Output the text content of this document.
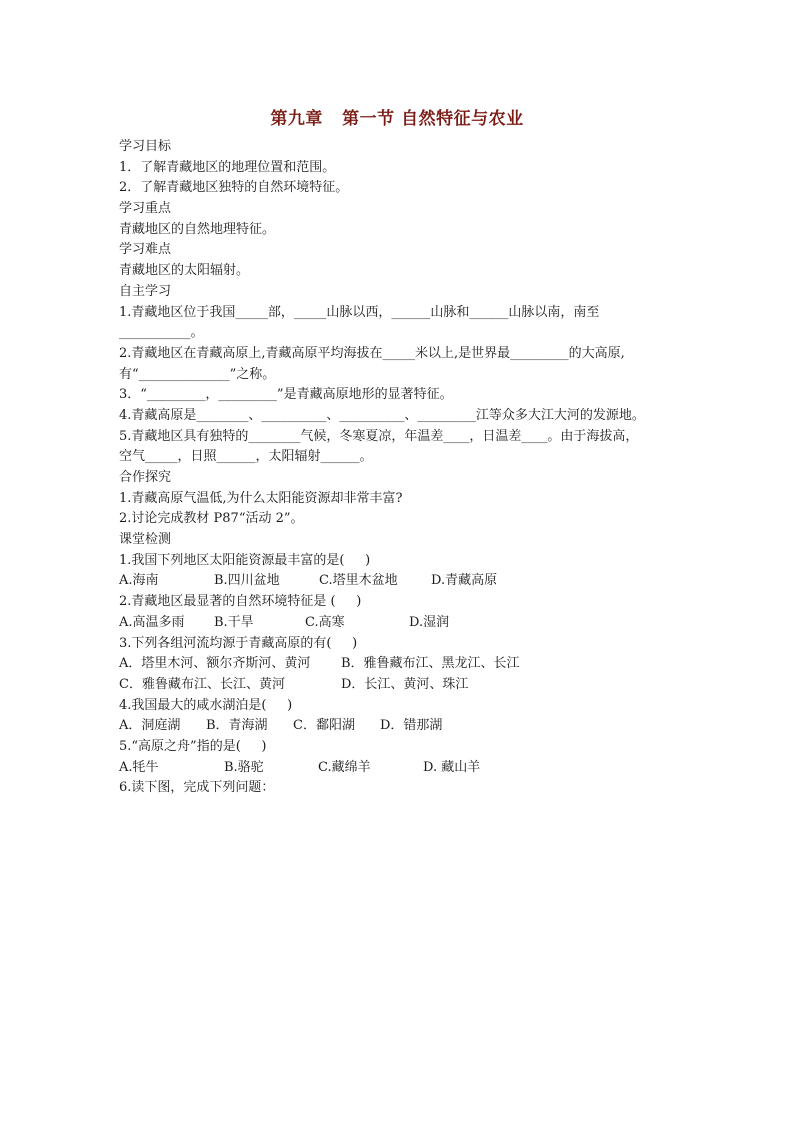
第九章   第一节 自然特征与农业
学习目标
1．了解青藏地区的地理位置和范围。
2．了解青藏地区独特的自然环境特征。
学习重点
青藏地区的自然地理特征。
学习难点
青藏地区的太阳辐射。
自主学习
1.青藏地区位于我国_____部，_____山脉以西，______山脉和______山脉以南，南至
___________。
2.青藏地区在青藏高原上,青藏高原平均海拔在_____米以上,是世界最_________的大高原,
有“______________”之称。
3．“_________，_________”是青藏高原地形的显著特征。
4.青藏高原是________、__________、__________、_________江等众多大江大河的发源地。
5.青藏地区具有独特的________气候，冬寒夏凉，年温差____，日温差____。由于海拔高，
空气_____，日照______，太阳辐射______。
合作探究
1.青藏高原气温低,为什么太阳能资源却非常丰富?
2.讨论完成教材 P87“活动 2”。
课堂检测
1.我国下列地区太阳能资源最丰富的是(     )
A.海南	B.四川盆地	C.塔里木盆地	D.青藏高原
2.青藏地区最显著的自然环境特征是 (     )
A.高温多雨	B.干旱	C.高寒	D.湿润
3.下列各组河流均源于青藏高原的有(     )
A．塔里木河、额尔齐斯河、黄河	B．雅鲁藏布江、黑龙江、长江
C．雅鲁藏布江、长江、黄河	D．长江、黄河、珠江
4.我国最大的咸水湖泊是(     )
A．洞庭湖	B．青海湖	C．鄱阳湖	D．错那湖
5.“高原之舟”指的是(     )
A.牦牛	B.骆驼	C.藏绵羊	D. 藏山羊
6.读下图，完成下列问题：
